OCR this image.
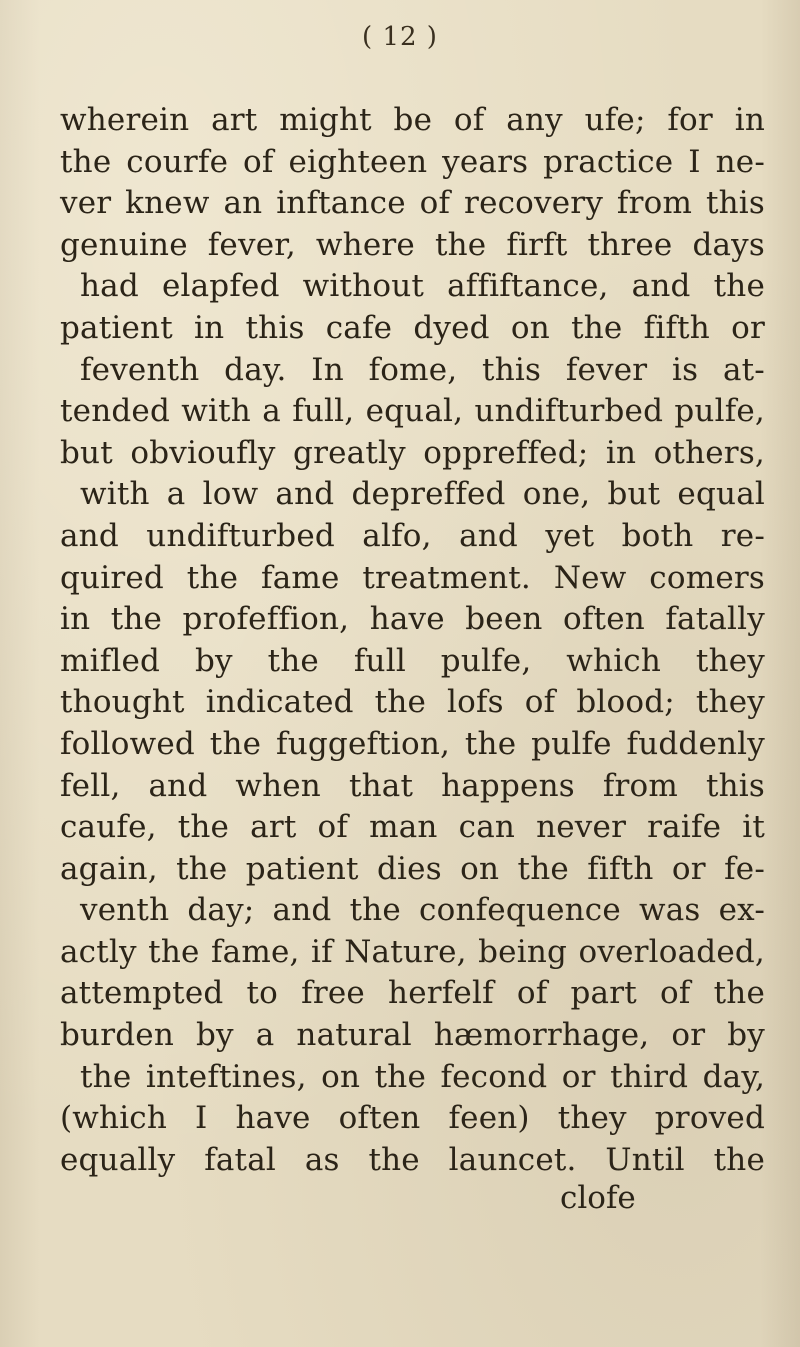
( 12 )
wherein art might be of any ufe; for in
the courfe of eighteen years practice I ne-
ver knew an inftance of recovery from this
genuine fever, where the firft three days
had elapfed without affiftance, and the
patient in this cafe dyed on the fifth or
feventh day. In fome, this fever is at-
tended with a full, equal, undifturbed pulfe,
but obvioufly greatly oppreffed; in others,
with a low and depreffed one, but equal
and undifturbed alfo, and yet both re-
quired the fame treatment. New comers
in the profeffion, have been often fatally
mifled by the full pulfe, which they
thought indicated the lofs of blood; they
followed the fuggeftion, the pulfe fuddenly
fell, and when that happens from this
caufe, the art of man can never raife it
again, the patient dies on the fifth or fe-
venth day; and the confequence was ex-
actly the fame, if Nature, being overloaded,
attempted to free herfelf of part of the
burden by a natural hæmorrhage, or by
the inteftines, on the fecond or third day,
(which I have often feen) they proved
equally fatal as the launcet. Until the
clofe
